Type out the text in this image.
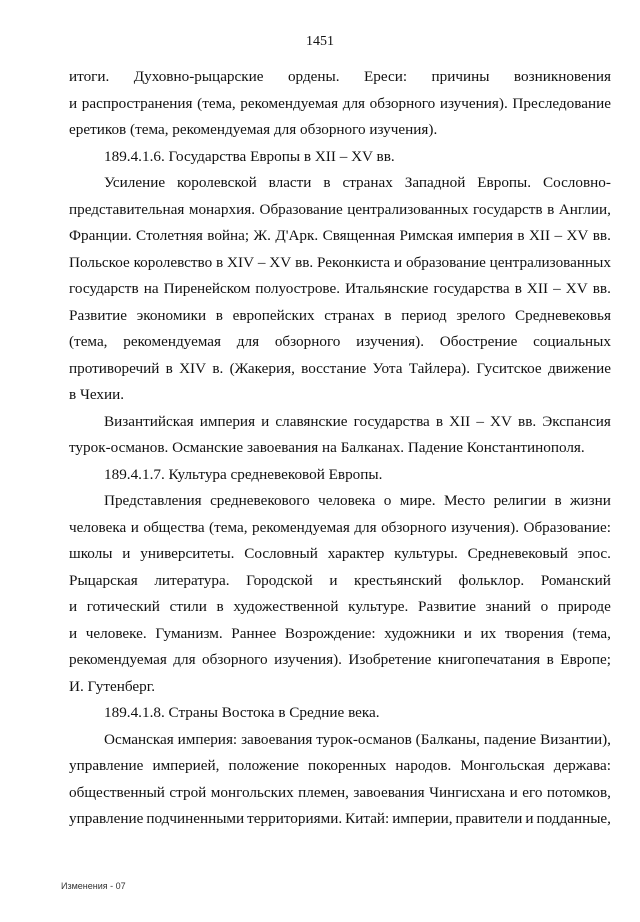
1451
итоги. Духовно-рыцарские ордены. Ереси: причины возникновения
и распространения (тема, рекомендуемая для обзорного изучения). Преследование
еретиков (тема, рекомендуемая для обзорного изучения).
189.4.1.6. Государства Европы в XII – XV вв.
Усиление королевской власти в странах Западной Европы. Сословно-
представительная монархия. Образование централизованных государств в Англии,
Франции. Столетняя война; Ж. Д'Арк. Священная Римская империя в XII – XV вв.
Польское королевство в XIV – XV вв. Реконкиста и образование централизованных
государств на Пиренейском полуострове. Итальянские государства в XII – XV вв.
Развитие экономики в европейских странах в период зрелого Средневековья
(тема, рекомендуемая для обзорного изучения). Обострение социальных
противоречий в XIV в. (Жакерия, восстание Уота Тайлера). Гуситское движение
в Чехии.
Византийская империя и славянские государства в XII – XV вв. Экспансия
турок-османов. Османские завоевания на Балканах. Падение Константинополя.
189.4.1.7. Культура средневековой Европы.
Представления средневекового человека о мире. Место религии в жизни
человека и общества (тема, рекомендуемая для обзорного изучения). Образование:
школы и университеты. Сословный характер культуры. Средневековый эпос.
Рыцарская литература. Городской и крестьянский фольклор. Романский
и готический стили в художественной культуре. Развитие знаний о природе
и человеке. Гуманизм. Раннее Возрождение: художники и их творения (тема,
рекомендуемая для обзорного изучения). Изобретение книгопечатания в Европе;
И. Гутенберг.
189.4.1.8. Страны Востока в Средние века.
Османская империя: завоевания турок-османов (Балканы, падение Византии),
управление империей, положение покоренных народов. Монгольская держава:
общественный строй монгольских племен, завоевания Чингисхана и его потомков,
управление подчиненными территориями. Китай: империи, правители и подданные,
Изменения - 07
